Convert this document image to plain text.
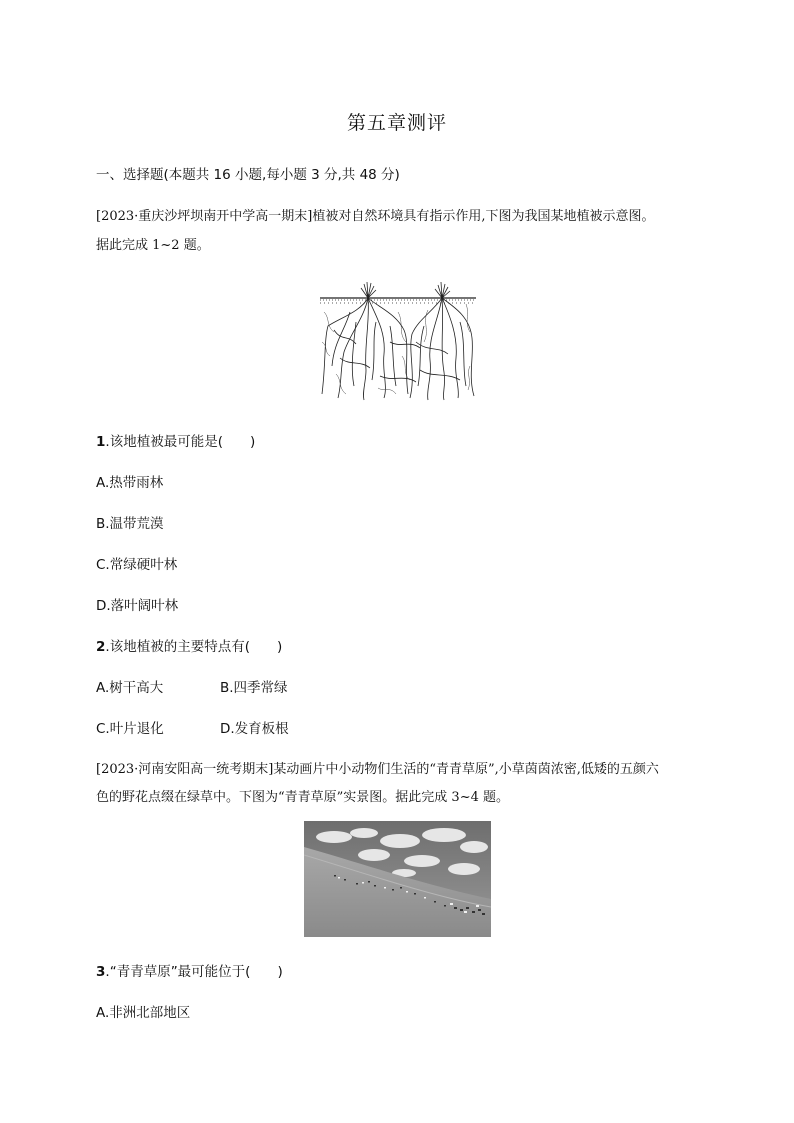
第五章测评
一、选择题(本题共 16 小题,每小题 3 分,共 48 分)
[2023·重庆沙坪坝南开中学高一期末]植被对自然环境具有指示作用,下图为我国某地植被示意图。
据此完成 1~2 题。
1.该地植被最可能是(　　)
A.热带雨林
B.温带荒漠
C.常绿硬叶林
D.落叶阔叶林
2.该地植被的主要特点有(　　)
A.树干高大	B.四季常绿
C.叶片退化	D.发育板根
[2023·河南安阳高一统考期末]某动画片中小动物们生活的“青青草原”,小草茵茵浓密,低矮的五颜六
色的野花点缀在绿草中。下图为“青青草原”实景图。据此完成 3~4 题。
3.“青青草原”最可能位于(　　)
A.非洲北部地区
